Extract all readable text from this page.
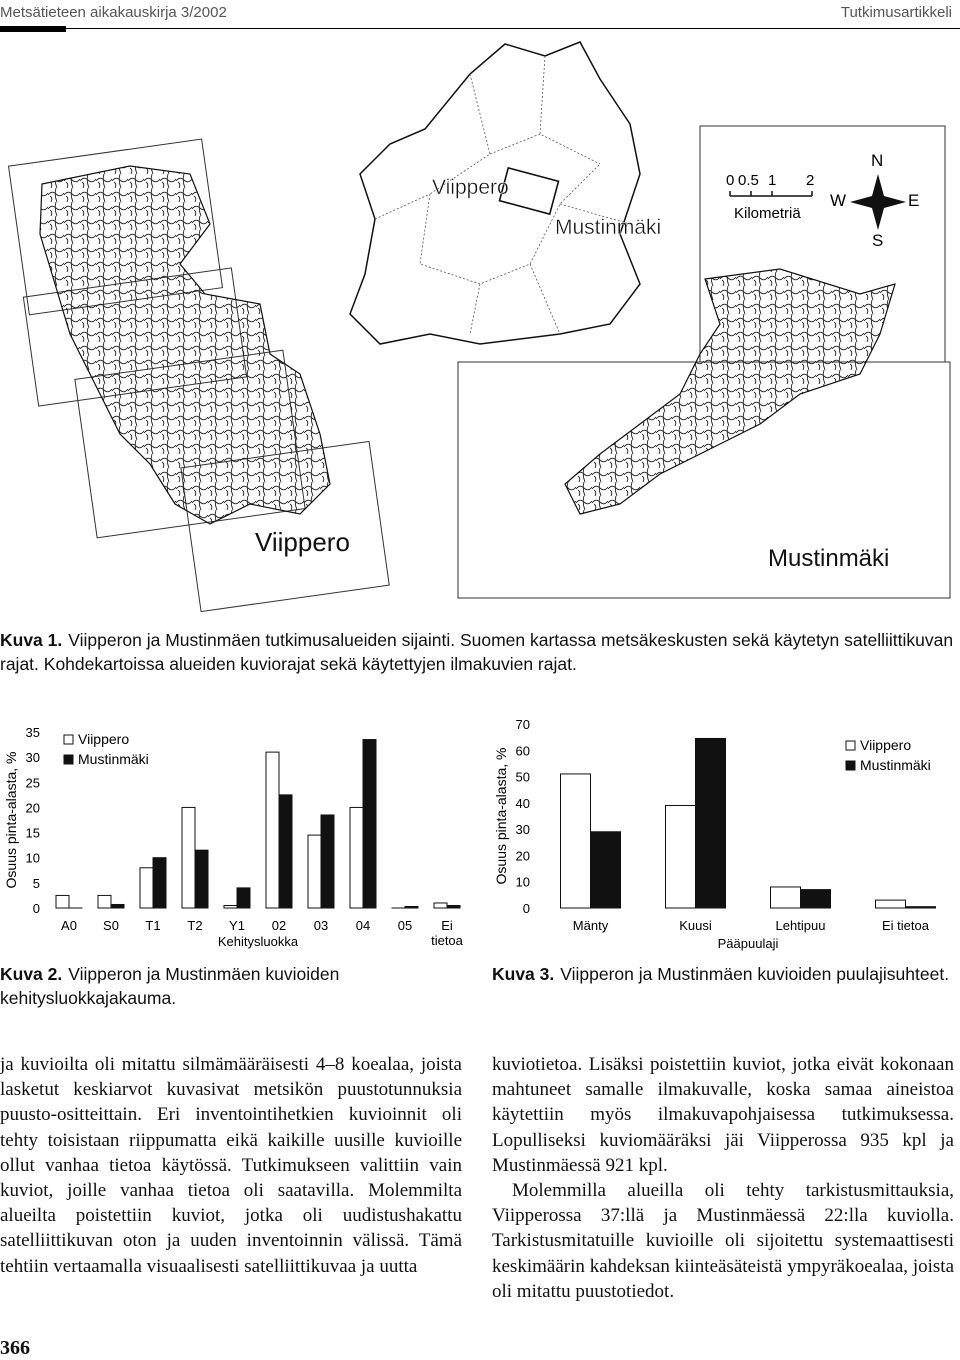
Metsätieteen aikakauskirja 3/2002	Tutkimusartikkeli
Viippero
Mustinmäki
Viippero
Mustinmäki
0 0.5 1 2
Kilometriä
N
S
W	E
Kuva 1. Viipperon ja Mustinmäen tutkimusalueiden sijainti. Suomen kartassa metsäkeskusten sekä käytetyn satelliittikuvan rajat. Kohdekartoissa alueiden kuviorajat sekä käytettyjen ilmakuvien rajat.
Osuus pinta-alasta, %
0
5
10
15
20
25
30
35
A0 S0 T1 T2 Y1 02 03 04 05	Ei tietoa
Kehitysluokka
Viippero
Mustinmäki
Kuva 2. Viipperon ja Mustinmäen kuvioiden kehitysluokkajakauma.
Osuus pinta-alasta, %
0
10
20
30
40
50
60
70
Mänty	Kuusi	Lehtipuu	Ei tietoa
Pääpuulaji
Viippero
Mustinmäki
Kuva 3. Viipperon ja Mustinmäen kuvioiden puulajisuhteet.

ja kuvioilta oli mitattu silmämääräisesti 4–8 koealaa, joista lasketut keskiarvot kuvasivat metsikön puustotunnuksia puusto-ositteittain. Eri inventointihetkien kuvioinnit oli tehty toisistaan riippumatta eikä kaikille uusille kuvioille ollut vanhaa tietoa käytössä. Tutkimukseen valittiin vain kuviot, joille vanhaa tietoa oli saatavilla. Molemmilta alueilta poistettiin kuviot, jotka oli uudistushakattu satelliittikuvan oton ja uuden inventoinnin välissä. Tämä tehtiin vertaamalla visuaalisesti satelliittikuvaa ja uutta

kuviotietoa. Lisäksi poistettiin kuviot, jotka eivät kokonaan mahtuneet samalle ilmakuvalle, koska samaa aineistoa käytettiin myös ilmakuvapohjaisessa tutkimuksessa. Lopulliseksi kuviomääräksi jäi Viipperossa 935 kpl ja Mustinmäessä 921 kpl.

Molemmilla alueilla oli tehty tarkistusmittauksia, Viipperossa 37:llä ja Mustinmäessä 22:lla kuviolla. Tarkistusmitatuille kuvioille oli sijoitettu systemaattisesti keskimäärin kahdeksan kiinteäsäteistä ympyräkoealaa, joista oli mitattu puustotiedot.

366
